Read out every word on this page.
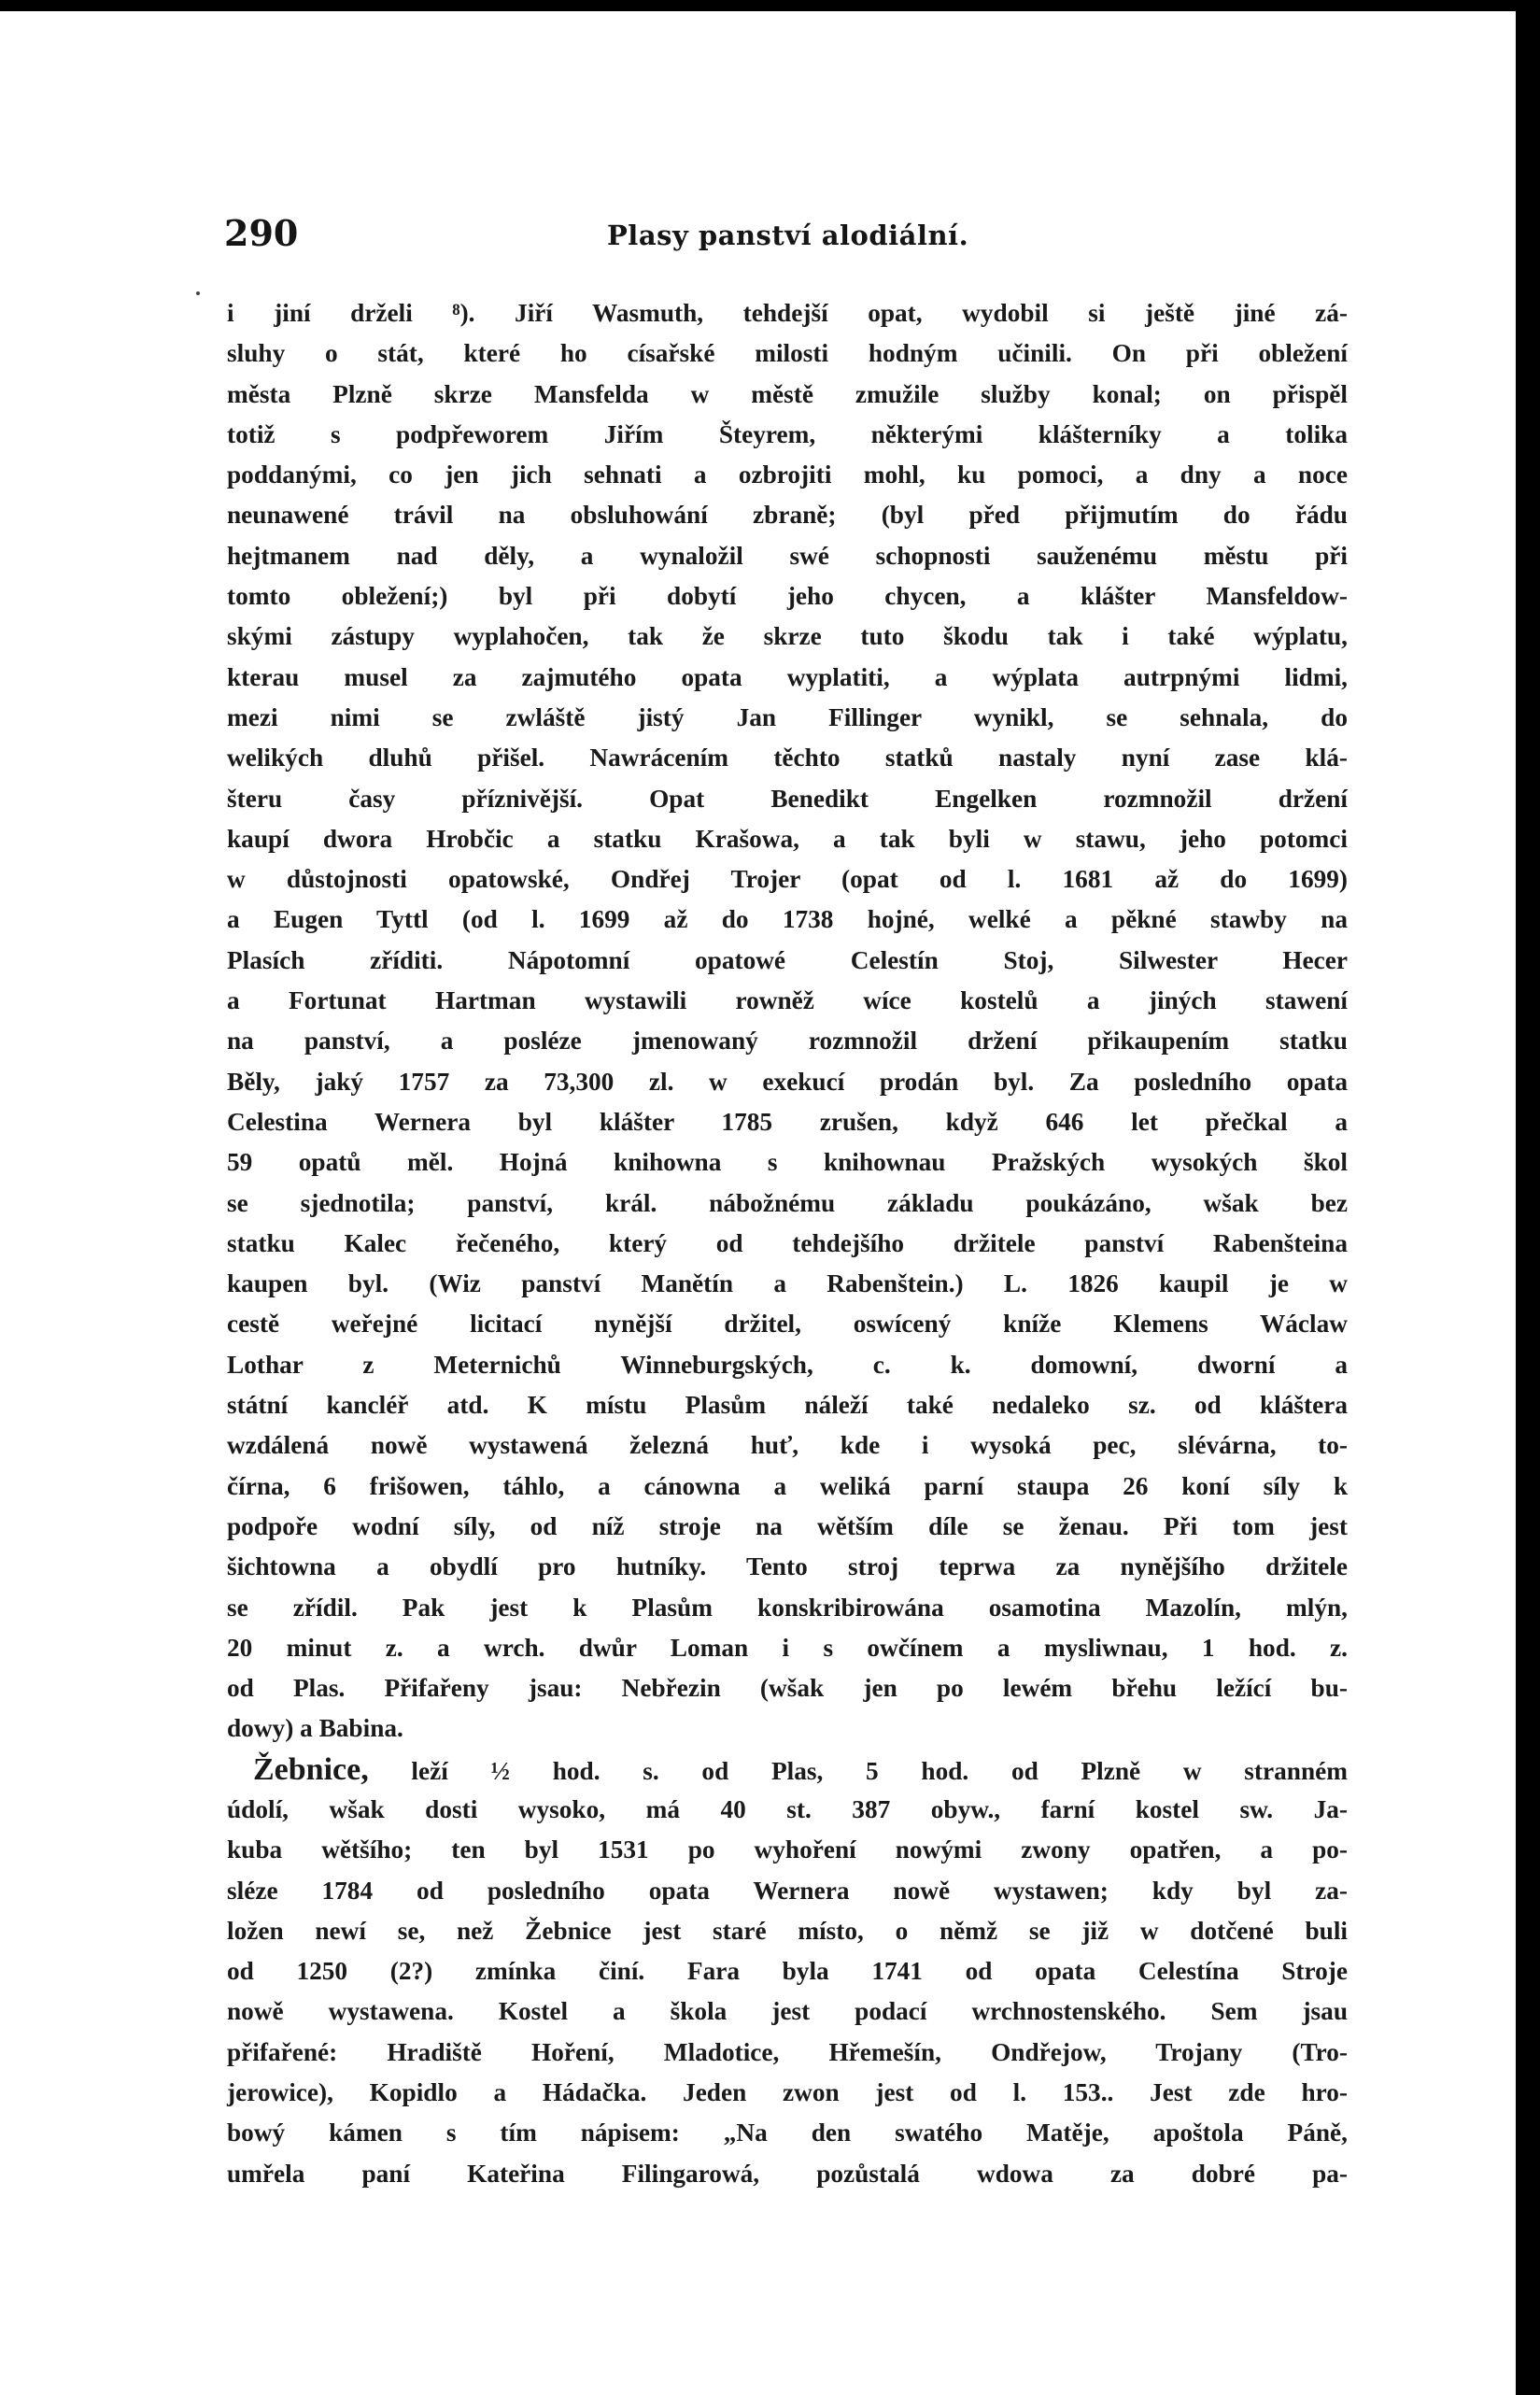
290	Plasy panství alodiální.
i jiní drželi ⁸). Jiří Wasmuth, tehdejší opat, wydobil si ještě jiné zá-
sluhy o stát, které ho císařské milosti hodným učinili. On při obležení
města Plzně skrze Mansfelda w městě zmužile služby konal; on přispěl
totiž s podpřeworem Jiřím Šteyrem, některými klášterníky a tolika
poddanými, co jen jich sehnati a ozbrojiti mohl, ku pomoci, a dny a noce
neunawené trávil na obsluhowání zbraně; (byl před přijmutím do řádu
hejtmanem nad děly, a wynaložil swé schopnosti sauženému městu při
tomto obležení;) byl při dobytí jeho chycen, a klášter Mansfeldow-
skými zástupy wyplahočen, tak že skrze tuto škodu tak i také wýplatu,
kterau musel za zajmutého opata wyplatiti, a wýplata autrpnými lidmi,
mezi nimi se zwláště jistý Jan Fillinger wynikl, se sehnala, do
welikých dluhů přišel. Nawrácením těchto statků nastaly nyní zase klá-
šteru časy příznivější. Opat Benedikt Engelken rozmnožil držení
kaupí dwora Hrobčic a statku Krašowa, a tak byli w stawu, jeho potomci
w důstojnosti opatowské, Ondřej Trojer (opat od l. 1681 až do 1699)
a Eugen Tyttl (od l. 1699 až do 1738 hojné, welké a pěkné stawby na
Plasích zříditi. Nápotomní opatowé Celestín Stoj, Silwester Hecer
a Fortunat Hartman wystawili rowněž wíce kostelů a jiných stawení
na panství, a posléze jmenowaný rozmnožil držení přikaupením statku
Běly, jaký 1757 za 73,300 zl. w exekucí prodán byl. Za posledního opata
Celestina Wernera byl klášter 1785 zrušen, když 646 let přečkal a
59 opatů měl. Hojná knihowna s knihownau Pražských wysokých škol
se sjednotila; panství, král. nábožnému základu poukázáno, wšak bez
statku Kalec řečeného, který od tehdejšího držitele panství Rabenšteina
kaupen byl. (Wiz panství Manětín a Rabenštein.) L. 1826 kaupil je w
cestě weřejné licitací nynější držitel, oswícený kníže Klemens Wáclaw
Lothar z Meternichů Winneburgských, c. k. domowní, dworní a
státní kancléř atd. K místu Plasům náleží také nedaleko sz. od kláštera
wzdálená nowě wystawená železná huť, kde i wysoká pec, slévárna, to-
čírna, 6 frišowen, táhlo, a cánowna a weliká parní staupa 26 koní síly k
podpoře wodní síly, od níž stroje na wětším díle se ženau. Při tom jest
šichtowna a obydlí pro hutníky. Tento stroj teprwa za nynějšího držitele
se zřídil. Pak jest k Plasům konskribirowána osamotina Mazolín, mlýn,
20 minut z. a wrch. dwůr Loman i s owčínem a myslіwnau, 1 hod. z.
od Plas. Přifařeny jsau: Nebřezin (wšak jen po lewém břehu ležící bu-
dowy) a Babina.
Žebnice, leží ½ hod. s. od Plas, 5 hod. od Plzně w stranném
údolí, wšak dosti wysoko, má 40 st. 387 obyw., farní kostel sw. Ja-
kuba wětšího; ten byl 1531 po wyhoření nowými zwony opatřen, a po-
sléze 1784 od posledního opata Wernera nowě wystawen; kdy byl za-
ložen newí se, než Žebnice jest staré místo, o němž se již w dotčené buli
od 1250 (2?) zmínka činí. Fara byla 1741 od opata Celestína Stroje
nowě wystawena. Kostel a škola jest podací wrchnostenského. Sem jsau
přifařené: Hradiště Hoření, Mladotice, Hřemešín, Ondřejow, Trojany (Tro-
jerowice), Kopidlo a Hádačka. Jeden zwon jest od l. 153.. Jest zde hro-
bowý kámen s tím nápisem: „Na den swatého Matěje, apoštola Páně,
umřela paní Kateřina Filingarowá, pozůstalá wdowa za dobré pa-
